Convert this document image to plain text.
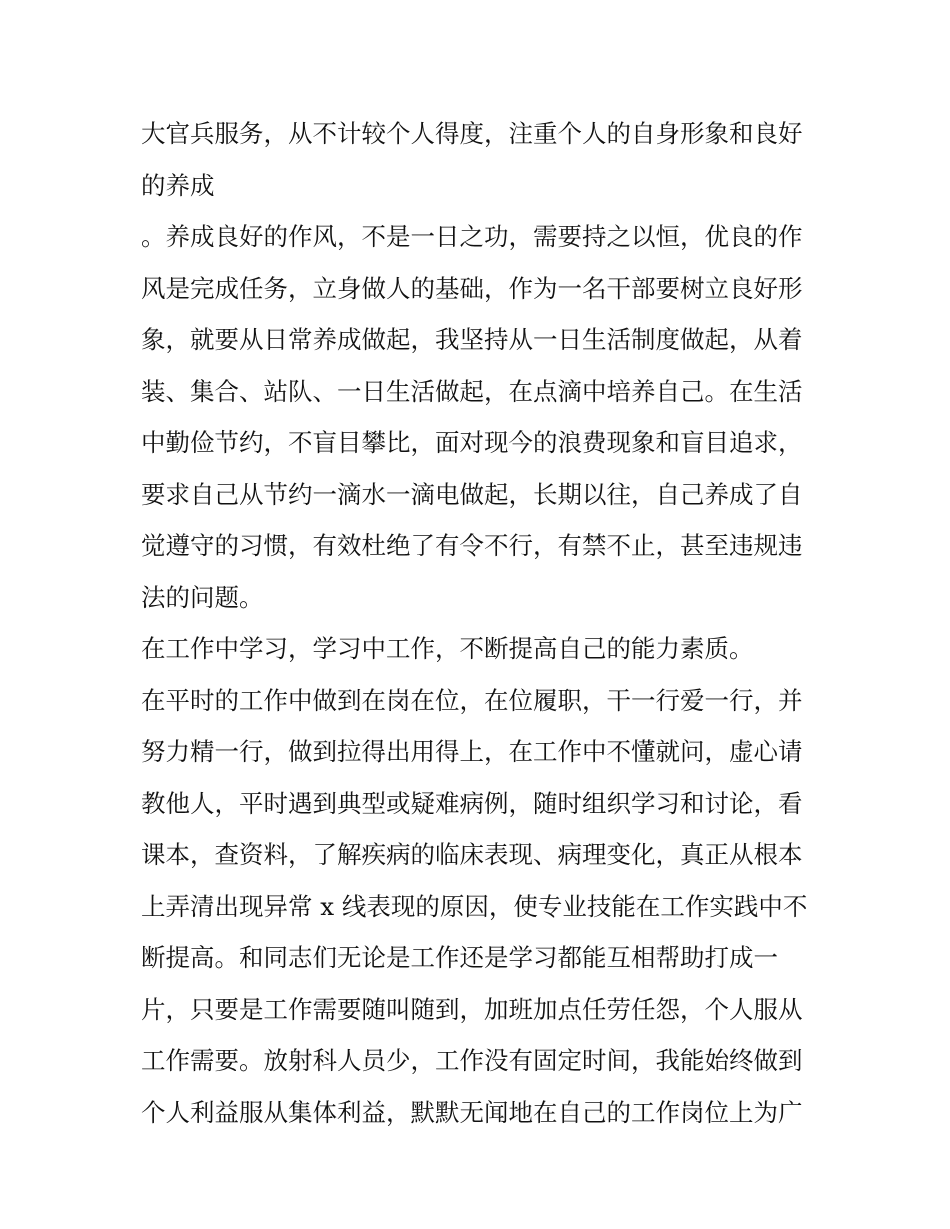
大官兵服务，从不计较个人得度，注重个人的自身形象和良好
的养成
。养成良好的作风，不是一日之功，需要持之以恒，优良的作
风是完成任务，立身做人的基础，作为一名干部要树立良好形
象，就要从日常养成做起，我坚持从一日生活制度做起，从着
装、集合、站队、一日生活做起，在点滴中培养自己。在生活
中勤俭节约，不盲目攀比，面对现今的浪费现象和盲目追求，
要求自己从节约一滴水一滴电做起，长期以往，自己养成了自
觉遵守的习惯，有效杜绝了有令不行，有禁不止，甚至违规违
法的问题。
在工作中学习，学习中工作，不断提高自己的能力素质。
在平时的工作中做到在岗在位，在位履职，干一行爱一行，并
努力精一行，做到拉得出用得上，在工作中不懂就问，虚心请
教他人，平时遇到典型或疑难病例，随时组织学习和讨论，看
课本，查资料，了解疾病的临床表现、病理变化，真正从根本
上弄清出现异常 x 线表现的原因，使专业技能在工作实践中不
断提高。和同志们无论是工作还是学习都能互相帮助打成一
片，只要是工作需要随叫随到，加班加点任劳任怨，个人服从
工作需要。放射科人员少，工作没有固定时间，我能始终做到
个人利益服从集体利益，默默无闻地在自己的工作岗位上为广
